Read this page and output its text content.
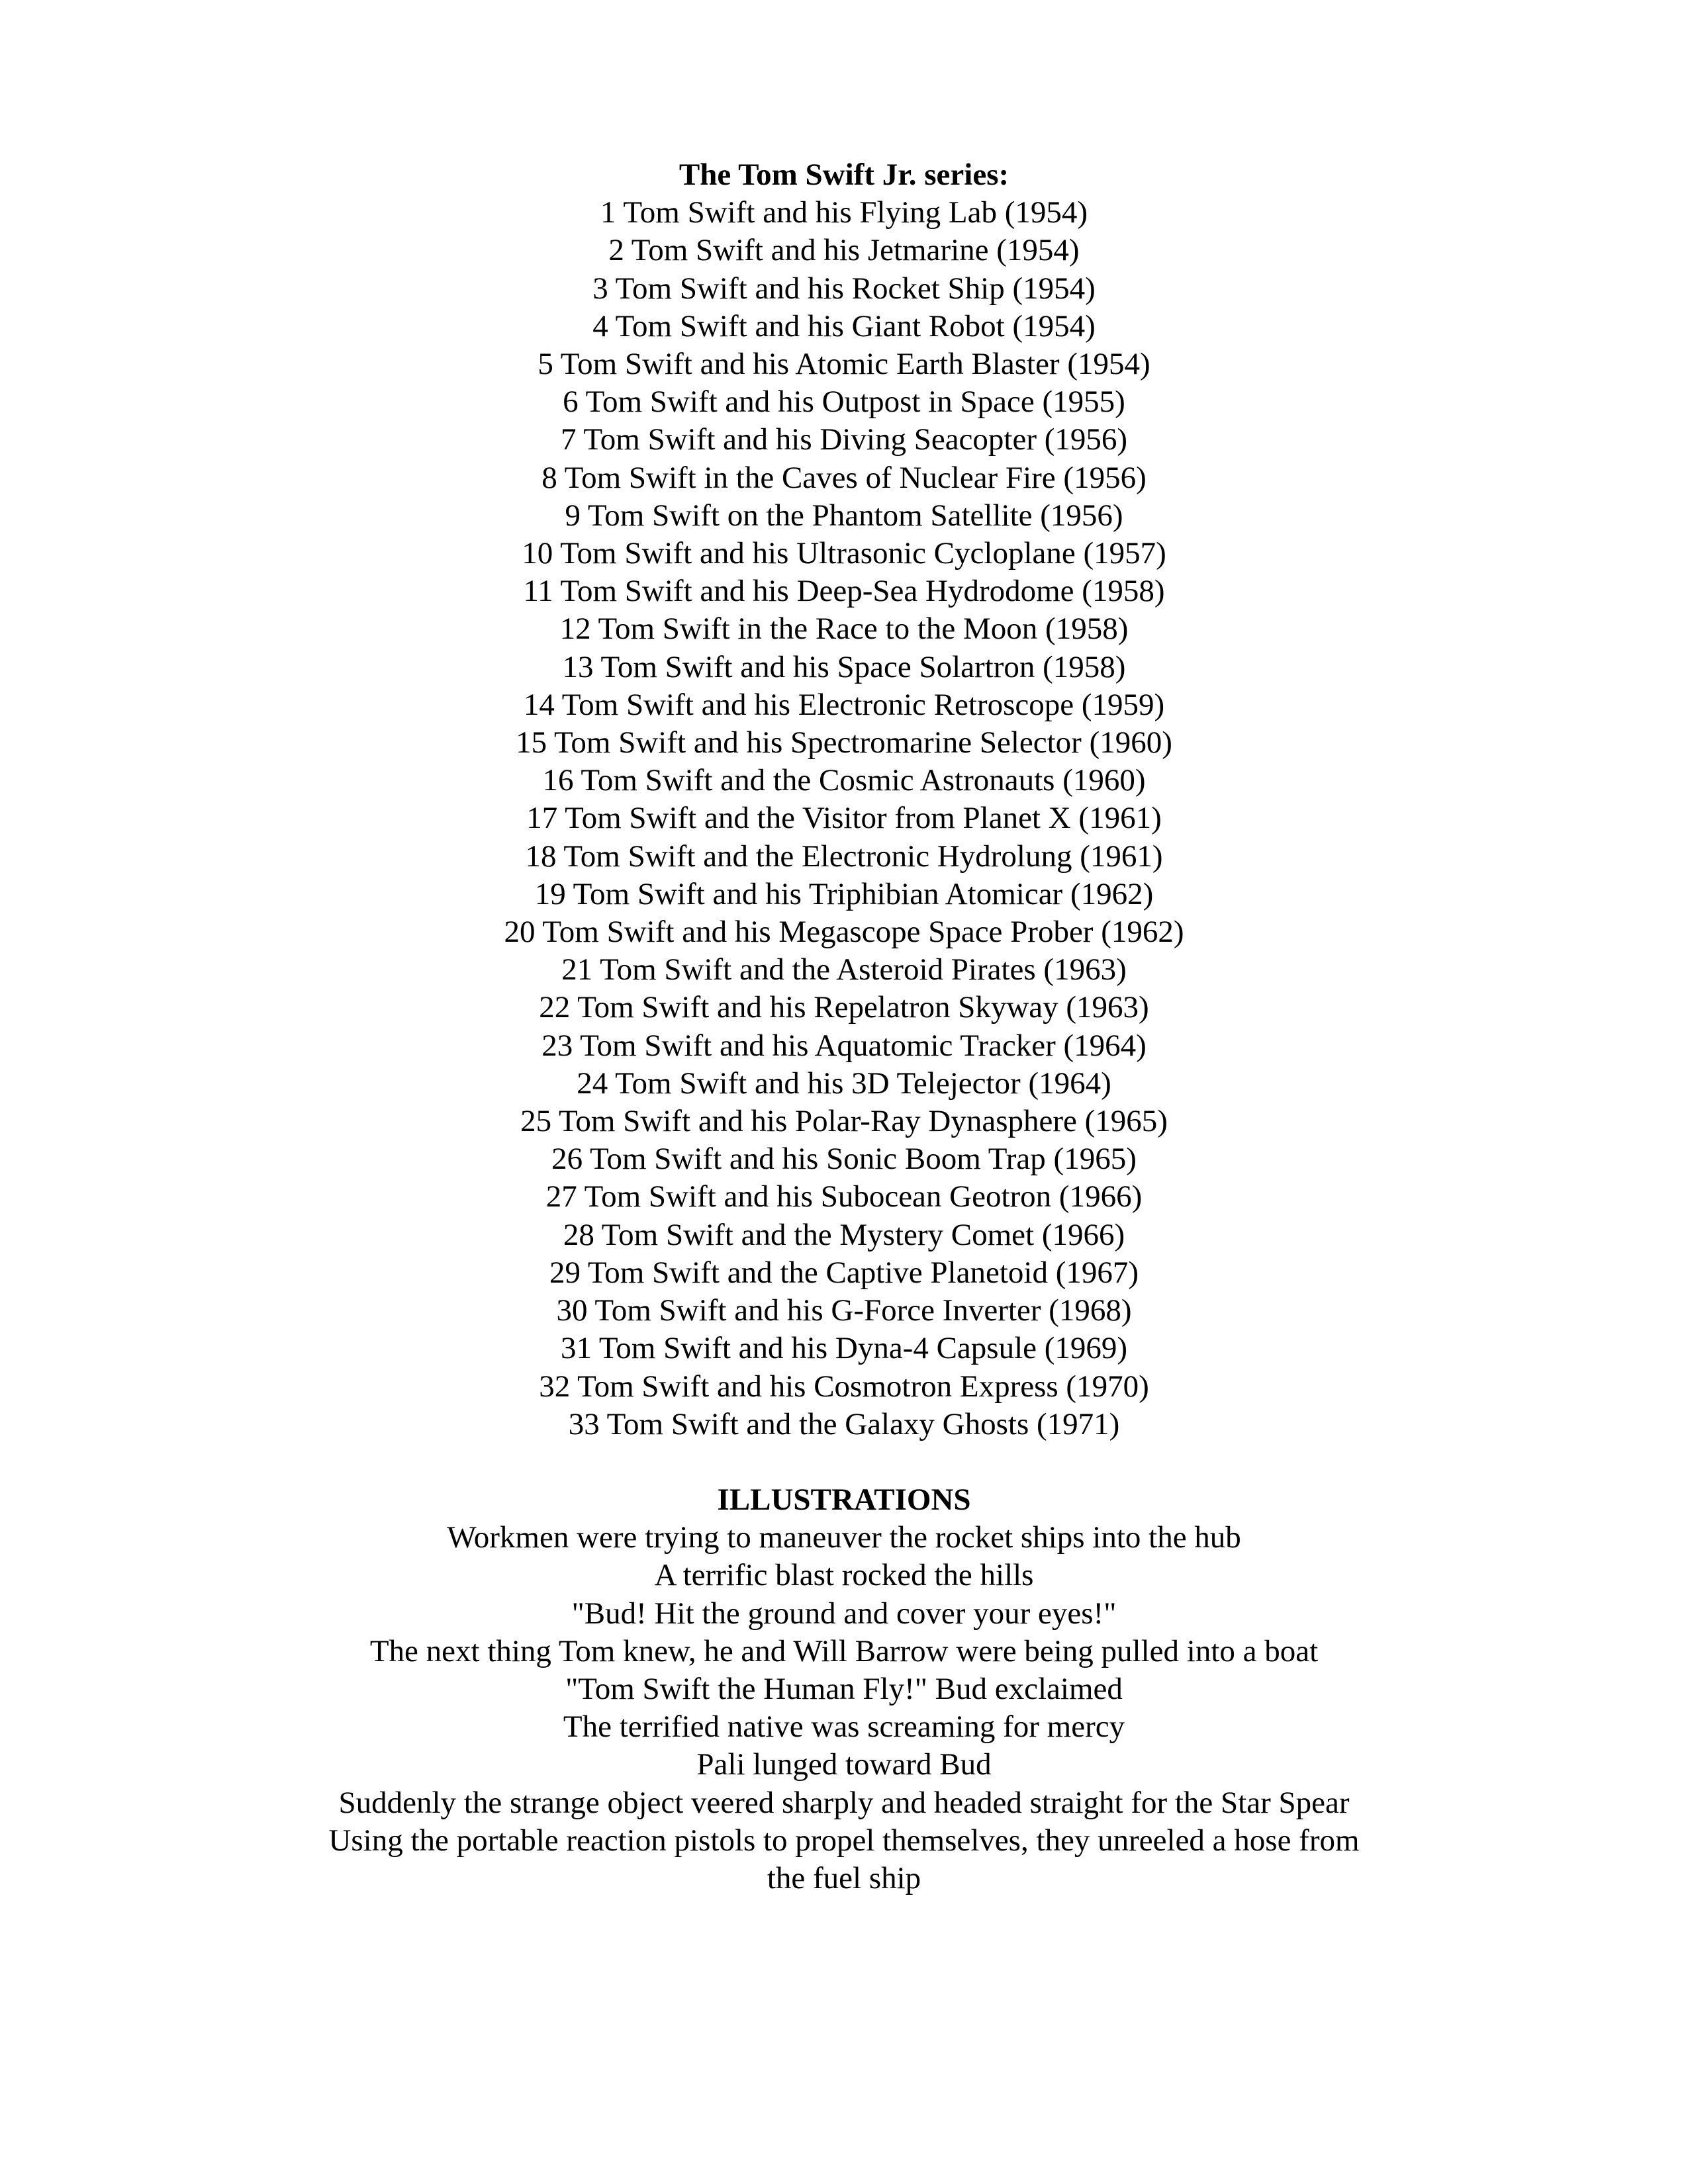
The Tom Swift Jr. series:
1 Tom Swift and his Flying Lab (1954)
2 Tom Swift and his Jetmarine (1954)
3 Tom Swift and his Rocket Ship (1954)
4 Tom Swift and his Giant Robot (1954)
5 Tom Swift and his Atomic Earth Blaster (1954)
6 Tom Swift and his Outpost in Space (1955)
7 Tom Swift and his Diving Seacopter (1956)
8 Tom Swift in the Caves of Nuclear Fire (1956)
9 Tom Swift on the Phantom Satellite (1956)
10 Tom Swift and his Ultrasonic Cycloplane (1957)
11 Tom Swift and his Deep-Sea Hydrodome (1958)
12 Tom Swift in the Race to the Moon (1958)
13 Tom Swift and his Space Solartron (1958)
14 Tom Swift and his Electronic Retroscope (1959)
15 Tom Swift and his Spectromarine Selector (1960)
16 Tom Swift and the Cosmic Astronauts (1960)
17 Tom Swift and the Visitor from Planet X (1961)
18 Tom Swift and the Electronic Hydrolung (1961)
19 Tom Swift and his Triphibian Atomicar (1962)
20 Tom Swift and his Megascope Space Prober (1962)
21 Tom Swift and the Asteroid Pirates (1963)
22 Tom Swift and his Repelatron Skyway (1963)
23 Tom Swift and his Aquatomic Tracker (1964)
24 Tom Swift and his 3D Telejector (1964)
25 Tom Swift and his Polar-Ray Dynasphere (1965)
26 Tom Swift and his Sonic Boom Trap (1965)
27 Tom Swift and his Subocean Geotron (1966)
28 Tom Swift and the Mystery Comet (1966)
29 Tom Swift and the Captive Planetoid (1967)
30 Tom Swift and his G-Force Inverter (1968)
31 Tom Swift and his Dyna-4 Capsule (1969)
32 Tom Swift and his Cosmotron Express (1970)
33 Tom Swift and the Galaxy Ghosts (1971)
ILLUSTRATIONS
Workmen were trying to maneuver the rocket ships into the hub
A terrific blast rocked the hills
"Bud! Hit the ground and cover your eyes!"
The next thing Tom knew, he and Will Barrow were being pulled into a boat
"Tom Swift the Human Fly!" Bud exclaimed
The terrified native was screaming for mercy
Pali lunged toward Bud
Suddenly the strange object veered sharply and headed straight for the Star Spear
Using the portable reaction pistols to propel themselves, they unreeled a hose from the fuel ship
